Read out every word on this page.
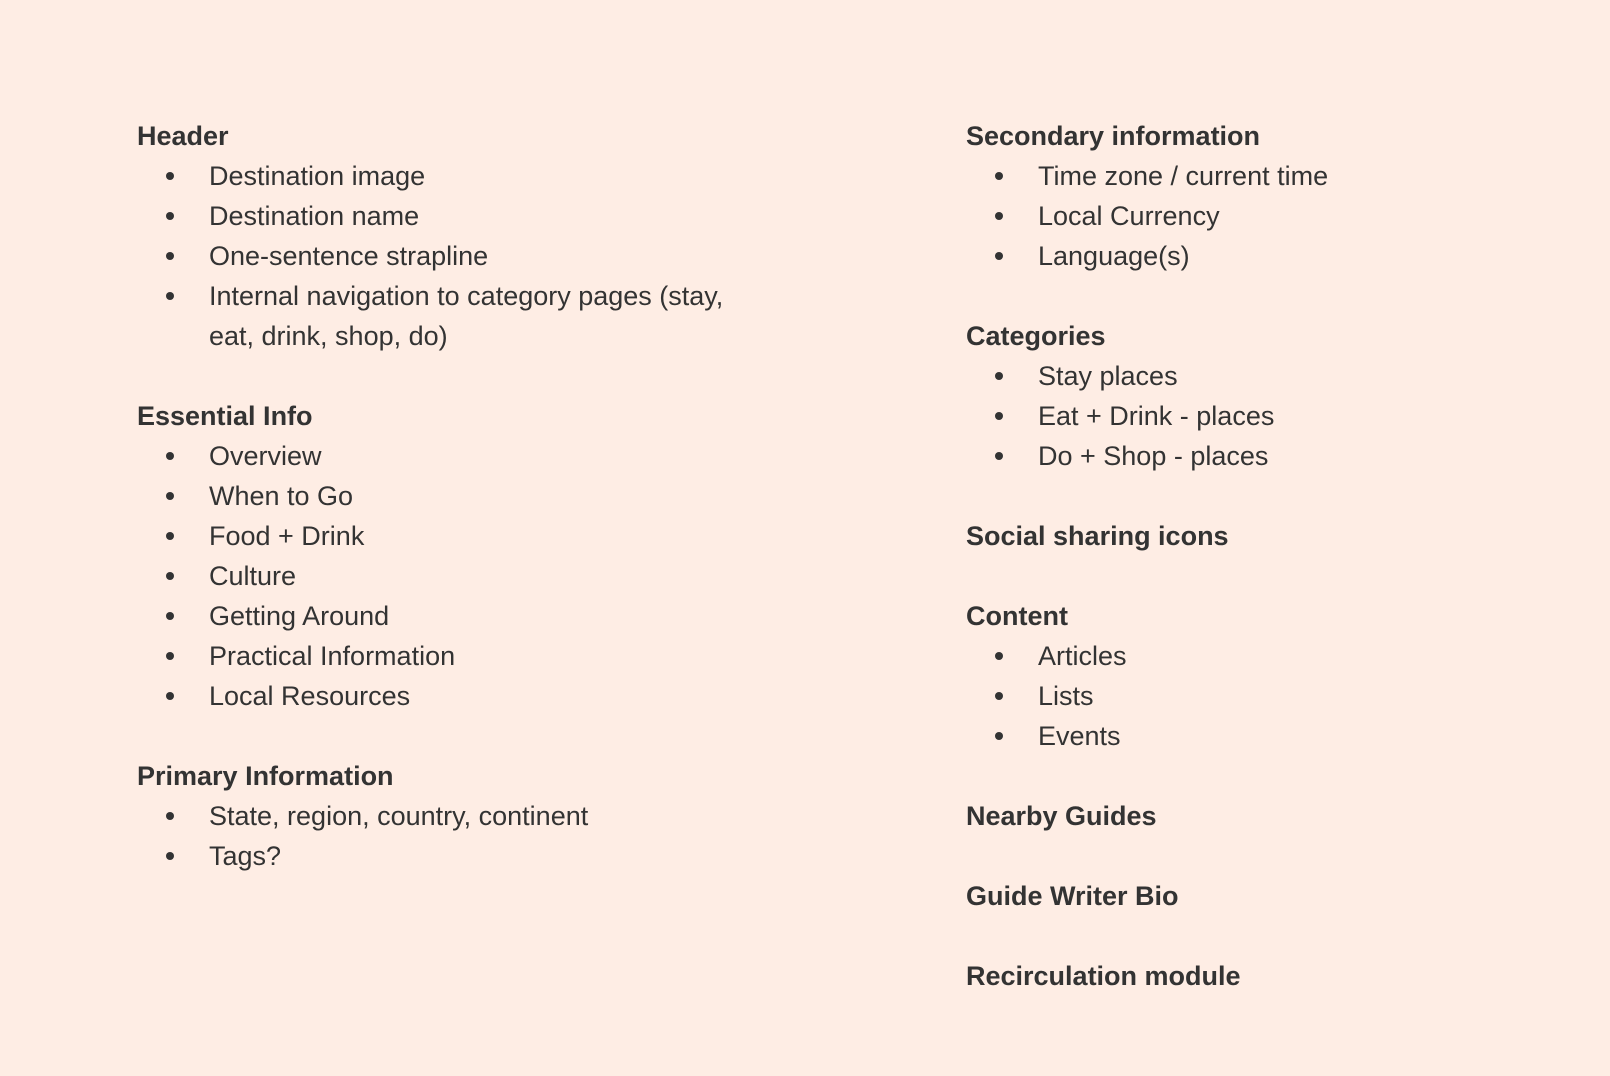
Header
Destination image
Destination name
One-sentence strapline
Internal navigation to category pages (stay, eat, drink, shop, do)
Essential Info
Overview
When to Go
Food + Drink
Culture
Getting Around
Practical Information
Local Resources
Primary Information
State, region, country, continent
Tags?
Secondary information
Time zone / current time
Local Currency
Language(s)
Categories
Stay places
Eat + Drink - places
Do + Shop - places
Social sharing icons
Content
Articles
Lists
Events
Nearby Guides
Guide Writer Bio
Recirculation module
